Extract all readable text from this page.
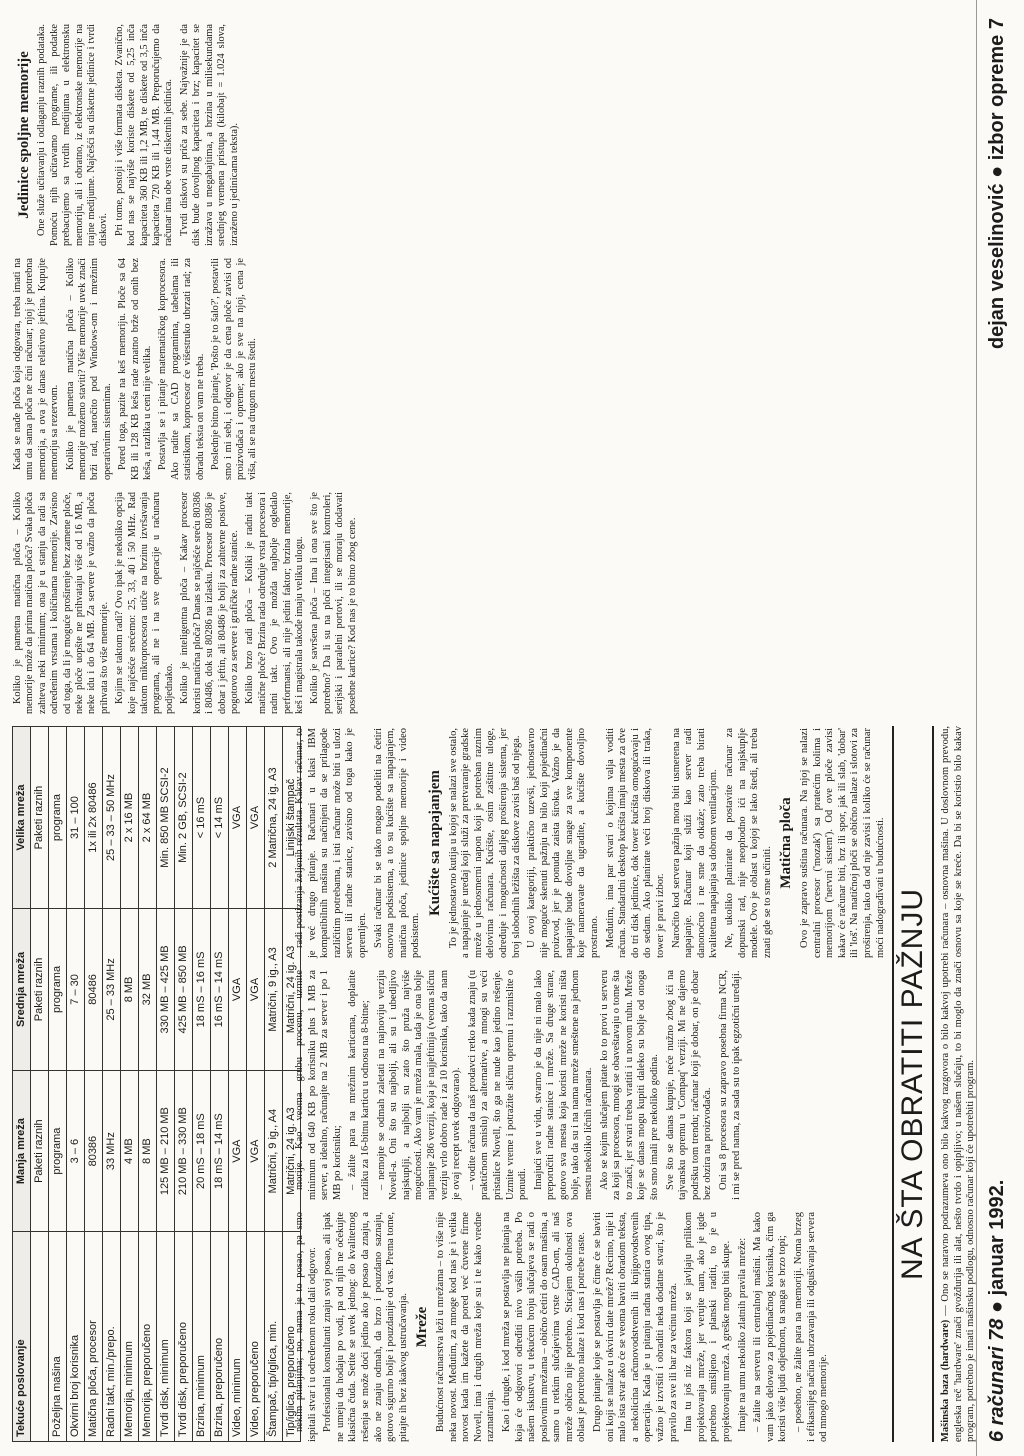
Tekuće poslovanje	Manja mreža	Srednja mreža	Velika mreža
	Paketi raznih	Paketi raznih	Paketi raznih
Poželjna mašina	programa	programa	programa
Okvirni broj korisnika	3 – 6	7 – 30	31 – 100
Matična ploča, procesor	80386	80486	1x ili 2x 80486
Radni takt, min./prepo.	33 MHz	25 – 33 MHz	25 – 33 – 50 MHz
Memorija, minimum	4 MB	8 MB	2 x 16 MB
Memorija, preporučeno	8 MB	32 MB	2 x 64 MB
Tvrdi disk, minimum	125 MB – 210 MB	330 MB – 425 MB	Min. 850 MB SCSI-2
Tvrdi disk, preporučeno	210 MB – 330 MB	425 MB – 850 MB	Min. 2 GB, SCSI-2
Brzina, minimum	20 mS – 18 mS	18 mS – 16 mS	< 16 mS
Brzina, preporučeno	18 mS – 14 mS	16 mS – 14 mS	< 14 mS
Video, minimum	VGA	VGA	VGA
Video, preporučeno	VGA	VGA	VGA
Štampač, tip/iglica, min.	Matrični, 9 ig., A4	Matrični, 9 ig., A3	2 Matrična, 24 ig. A3
Tip/iglica, preporučeno	Matrični, 24 ig. A3	Matrični, 24 ig. A3	Linijski štampač

nekim pitanjima; no, nama je to posao, pa smo ispitali stvar i u određenom roku dali odgovor. Profesionalni konsultanti znaju svoj posao, ali ipak ne umeju da hodaju po vodi, pa od njih ne očekujte klasična čuda. Setite se uvek jednog: do kvalitetnog rešenja se može doći jedino ako je posao da znaju, a ako ne znaju odmah, da brzo i pouzdano saznaju, gotovo sigurno bolje i pouzdanije od vas. Prema tome, pitajte ih bez ikakvog ustručavanja. Mreže Budućnost računarstva leži u mrežama – to više nije neka novost. Međutim, za mnoge kod nas je i velika novost kada im kažete da pored već čuvene firme Novell, ima i drugih mreža koje su i te kako vredne razmatranja. Kao i drugde, i kod mreža se postavlja ne pitanja na koja će odgovori određiti nivo vaših potreba. Po našem iskustvu, u tekućem broju slučajeva se radi o poslovnim mrežama – obično četiri do osam mašina, a samo u retkim slučajevima vrste CAD-om, ali naš mreže obično nije potrebno. Sticajem okolnosti ova oblast je potrebno nalaze i kod nas i potrebe raste. Drugo pitanje koje se postavlja je čime će se baviti oni koji se nalaze u okviru date mreže? Recimo, nije li malo ista stvar ako će se veoma baviti obradom teksta, a nekolicina računovodstvenih ili knjigovodstvenih operacija. Kada je u pitanju radna stanica ovog tipa, važno je izvršiti i obraditi neka dodatne stvari, što je pravilo za sve ili bar za većinu mreža. Ima tu još niz faktora koji se javljaju prilikom projektovanja mreže, jer verujte nam, ako je igde potrebno smišljeno i planski raditi, to je u projektovanju mreža. A greške mogu biti skupe. Imajte na umu nekoliko zlatnih pravila mreže: – žalite na serveru ili centralnoj mašini. Ma kako vam jako delovao za pojedinačnog korisnika, čim ga koristi više ljudi odjednom, ta snaga se brzo topi; – posebno, ne žalite para na memoriji. Noma brzeg i efikasnijeg načina ubrzavanja ili odgušivanja servera od mnogo memorije.

morije. Kao veoma grubu procenu, uzmite minimum od 640 KB po korisniku plus 1 MB za server, a idealno, računajte na 2 MB za server i po 1 MB po korisniku; – žalite para na mrežnim karticama, doplatite razliku za 16-bitnu karticu u odnosu na 8-bitne; – nemojte se odmah zaletati na najnoviju verziju Novell-a. Oni što su najbolji, ali su i ubedljivo najskuplji, a najbolji su zato što pruža najviše mogućnosti. Ako vam je mreža mala, tada je ona bolje najmanje 286 verziji, koja je najjeftinija (veoma sličnu verziju vrlo dobro rade i za 10 korisnika, tako da nam je ovaj recept uvek odgovarao). – vodite računa da naš prodavci retko kada znaju (u praktičnom smislu) za alternative, a mnogi su veći pristalice Novell, što ga ne nude kao jedino rešenje. Uzmite vreme i potražite sličnu opremu i razmislite o ponudi. Imajući sve u vidu, stvarno je da nije ni malo lako preporučiti radne stanice i mreže. Sa druge strane, gotovo sva mesta koja koristi mreže ne koristi ništa bolje, tako da su i na nama mreže smeštene na jednom mestu nekoliko ličnih računara. Ako se kojim slučajem pitate ko to provi u serveru za koji sa procesora, mnogi se obaveštavaju o tome šta to znači, jer stvari treba vratiti i u novom ruhu. Mreže koje se danas mogu kupiti daleko su bolje od onoga što smo imali pre nekoliko godina. Sve što se danas kupuje, neće nužno zbog ići na tajvansku opremu u 'Compaq' verziji. Mi ne dajemo podršku tom trendu; računar koji je dobar, on je dobar bez obzira na proizvođača. Oni sa 8 procesora su zapravo posebna firma NCR, i mi se pred nama, za sada su to ipak egzotični uređaji.

radi postizanja željenih rezultata. Kakav računar, to je već drugo pitanje. Računari u klasi IBM kompatibilnih mašina su načinjeni da se prilagode različitim potrebama, i isti računar može biti u ulozi servera ili radne stanice, zavisno od toga kako je opremljen. Svaki računar bi se tako mogao podeliti na četiri osnovna podsistema, a to su kućište sa napajanjem, matična ploča, jedinice spoljne memorije i video podsistem.

Kućište sa napajanjem To je jednostavno kutija u kojoj se nalazi sve ostalo, a napajanje je uređaj koji služi za pretvaranje gradske mreže u jednosmerni napon koji je potreban raznim delovima računara. Kućište, osim zaštitne uloge, određuje i mogućnosti daljeg proširenja sistema, jer broj slobodnih ležišta za diskove zavisi baš od njega. U ovoj kategoriji, praktično uzevši, jednostavno nije moguće skenuti pažnju na bilo koji pojedinačni proizvod, jer je ponuda zaista široka. Važno je da napajanje bude dovoljne snage za sve komponente koje nameravate da ugradite, a kućište dovoljno prostrano. Međutim, ima par stvari o kojima valja voditi računa. Standardni desktop kućišta imaju mesta za dve do tri disk jedinice, dok tower kućišta omogućavaju i do sedam. Ako planirate veći broj diskova ili traka, tower je pravi izbor. Naročito kod servera pažnja mora biti usmerena na napajanje. Računar koji služi kao server radi danonoćno i ne sme da otkaže; zato treba birati kvalitetna napajanja sa dobrom ventilacijom. Ne, ukoliko planirate da postavite računar za dopunski rad, nije neophodno ići na najskuplje modele. Ovo je oblast u kojoj se lako štedi, ali treba znati gde se to sme učiniti.

Matična ploča Ovo je zapravo suština računara. Na njoj se nalazi centralni procesor ('mozak') sa pratećim kolima i memorijom ('nervni sistem'). Od ove ploče zavisi kakav će računar biti, brz ili spor, jak ili slab, 'dobar' ili 'loš'. Na matičnoj ploči se obično nalaze i slotovi za proširenja, tako da od nje zavisi i koliko će se računar moći nadograđivati u budućnosti.

NA ŠTA OBRATITI PAŽNJU
Mašinska baza (hardware) — Ono se naravno podrazumeva ono bilo kakvog razgovora o bilo kakvoj upotrebi računara – osnovna mašina. U doslovnom prevodu, engleska reč 'hardware' znači gvožđurija ili alat, nešto tvrdo i opipljivo; u našem slučaju, to bi moglo da znači osnovu sa koje se kreće. Da bi se koristio bilo kakav program, potrebno je imati mašinsku podlogu, odnosno računar koji će upotrebiti program.

Koliko je pametna matična ploča – Koliko memorije može da prima matična ploča? Svaka ploča zahteva neki minimum; ona je u stanju da radi sa određenim vrstama i količinama memorije. Zavisno od toga, da li je moguće proširenje bez zamene ploče, neke ploče uopšte ne prihvataju više od 16 MB, a neke idu i do 64 MB. Za servere je važno da ploča prihvata što više memorije. Kojim se taktom radi? Ovo ipak je nekoliko opcija koje najčešće srećemo: 25, 33, 40 i 50 MHz. Rad taktom mikroprocesora utiče na brzinu izvršavanja programa, ali ne i na sve operacije u računaru podjednako. Koliko je inteligentna ploča – Kakav procesor koristi matična ploča? Danas se najčešće sreću 80386 i 80486, dok su 80286 na izlasku. Procesor 80386 je dobar i jeftin, ali 80486 je bolji za zahtevne poslove, pogotovo za servere i grafičke radne stanice. Koliko brzo radi ploča – Koliki je radni takt matične ploče? Brzina rada određuje vrsta procesora i radni takt. Ovo je možda najbolje ogledalo performansi, ali nije jedini faktor; brzina memorije, keš i magistrala takođe imaju veliku ulogu. Koliko je savršena ploča – Ima li ona sve što je potrebno? Da li su na ploči integrisani kontroleri, serijski i paralelni portovi, ili se moraju dodavati posebne kartice? Kod nas je to bitno zbog cene.

Kada se nađe ploča koja odgovara, treba imati na umu da sama ploča ne čini računar; njoj je potrebna memorija, a ova je danas relativno jeftina. Kupujte memoriju sa rezervom. Koliko je pametna matična ploča – Koliko memorije možemo staviti? Više memorije uvek znači brži rad, naročito pod Windows-om i mrežnim operativnim sistemima. Pored toga, pazite na keš memoriju. Ploče sa 64 KB ili 128 KB keša rade znatno brže od onih bez keša, a razlika u ceni nije velika. Postavlja se i pitanje matematičkog koprocesora. Ako radite sa CAD programima, tabelama ili statistikom, koprocesor će višestruko ubrzati rad; za obradu teksta on vam ne treba. Poslednje bitno pitanje, 'Pošto je to šalo?', postavili smo i mi sebi, i odgovor je da cena ploče zavisi od proizvođača i opreme; ako je sve na njoj, cena je viša, ali se na drugom mestu štedi.

Jedinice spoljne memorije One služe učitavanju i odlaganju raznih podataka. Pomoću njih učitavamo programe, ili podatke prebacujemo sa tvrdih medijuma u elektronsku memoriju, ali i obratno, iz elektronske memorije na trajne medijume. Najčešći su disketne jedinice i tvrdi diskovi. Pri tome, postoji i više formata disketa. Zvanično, kod nas se najviše koriste diskete od 5,25 inča kapaciteta 360 KB ili 1,2 MB, te diskete od 3,5 inča kapaciteta 720 KB ili 1,44 MB. Preporučujemo da računar ima obe vrste disketnih jedinica. Tvrdi diskovi su priča za sebe. Najvažnije je da disk bude dovoljnog kapaciteta i brz; kapacitet se izražava u megabajtima, a brzina u milisekundama srednjeg vremena pristupa (kilobajt = 1.024 slova, izraženo u jedinicama teksta).

6 računari 78 ● januar 1992.
dejan veselinović ● izbor opreme 7
